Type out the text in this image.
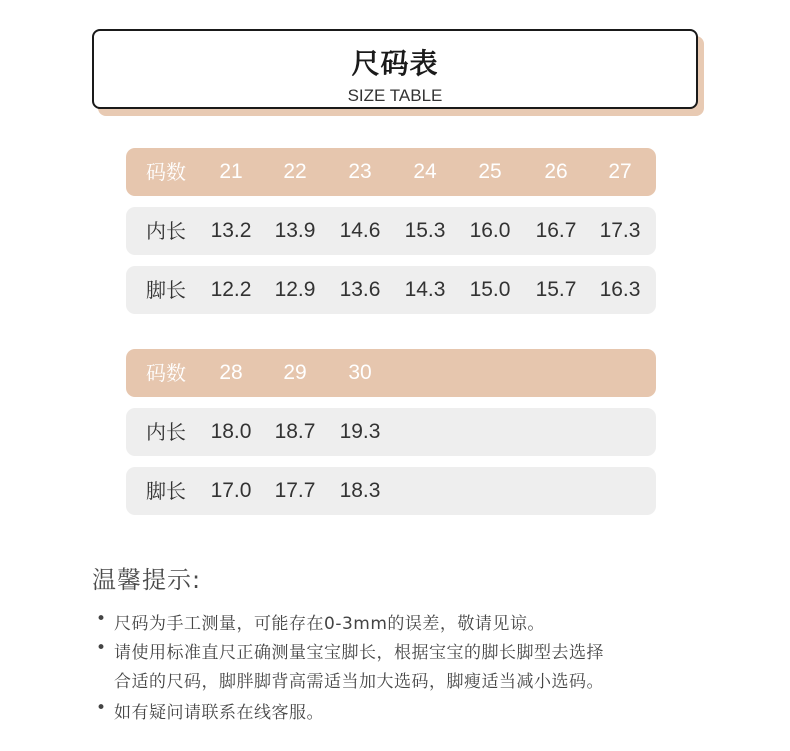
尺码表
SIZE TABLE
码数	21	22	23	24	25	26	27
内长	13.2	13.9	14.6	15.3	16.0	16.7	17.3
脚长	12.2	12.9	13.6	14.3	15.0	15.7	16.3
码数	28	29	30
内长	18.0	18.7	19.3
脚长	17.0	17.7	18.3
温馨提示:
• 尺码为手工测量，可能存在0-3mm的误差，敬请见谅。
• 请使用标准直尺正确测量宝宝脚长，根据宝宝的脚长脚型去选择
合适的尺码，脚胖脚背高需适当加大选码，脚瘦适当减小选码。
• 如有疑问请联系在线客服。
